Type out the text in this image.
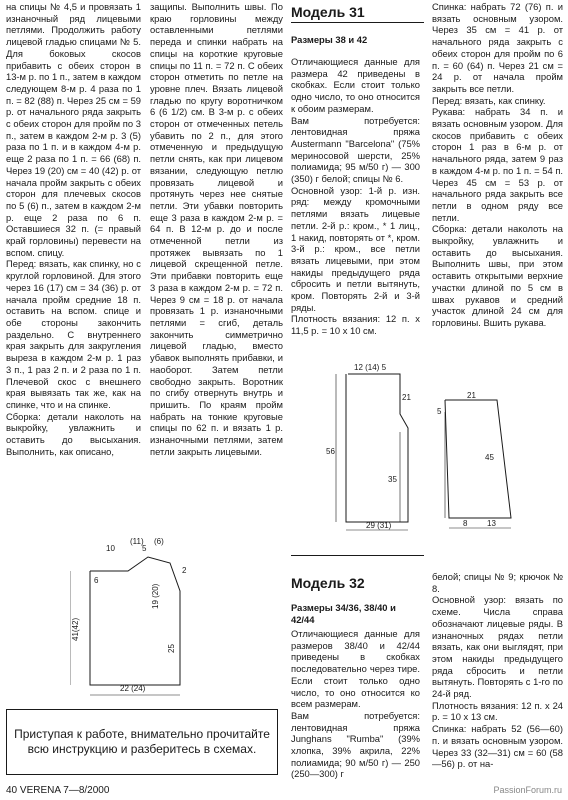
на спицы № 4,5 и провязать 1 изнаночный ряд лицевыми петлями. Продолжить работу лицевой гладью спицами № 5. Для боковых скосов прибавить с обеих сторон в 13-м р. по 1 п., затем в каждом следующем 8-м р. 4 раза по 1 п. = 82 (88) п. Через 25 см = 59 р. от начального ряда закрыть с обеих сторон для пройм по 3 п., затем в каждом 2-м р. 3 (5) раза по 1 п. и в каждом 4-м р. еще 2 раза по 1 п. = 66 (68) п. Через 19 (20) см = 40 (42) р. от начала пройм закрыть с обеих сторон для плечевых скосов по 5 (6) п., затем в каждом 2-м р. еще 2 раза по 6 п. Оставшиеся 32 п. (= правый край горловины) перевести на вспом. спицу.

Перед: вязать, как спинку, но с круглой горловиной. Для этого через 16 (17) см = 34 (36) р. от начала пройм средние 18 п. оставить на вспом. спице и обе стороны закончить раздельно. С внутреннего края закрыть для закругления выреза в каждом 2-м р. 1 раз 3 п., 1 раз 2 п. и 2 раза по 1 п. Плечевой скос с внешнего края вывязать так же, как на спинке, что и на спинке.

Сборка: детали наколоть на выкройку, увлажнить и оставить до высыхания. Выполнить, как описано,

защипы. Выполнить швы. По краю горловины между оставленными петлями переда и спинки набрать на спицы на короткие круговые спицы по 11 п. = 72 п. С обеих сторон отметить по петле на уровне плеч. Вязать лицевой гладью по кругу воротничком 6 (6 1/2) см. В 3-м р. с обеих сторон от отмеченных петель убавить по 2 п., для этого отмеченную и предыдущую петли снять, как при лицевом вязании, следующую петлю провязать лицевой и протянуть через нее снятые петли. Эти убавки повторить еще 3 раза в каждом 2-м р. = 64 п. В 12-м р. до и после отмеченной петли из протяжек вывязать по 1 лицевой скрещенной петле. Эти прибавки повторить еще 3 раза в каждом 2-м р. = 72 п. Через 9 см = 18 р. от начала провязать 1 р. изнаночными петлями = сгиб, деталь закончить симметрично лицевой гладью, вместо убавок выполнять прибавки, и наоборот. Затем петли свободно закрыть. Воротник по сгибу отвернуть внутрь и пришить. По краям пройм набрать на тонкие круговые спицы по 62 п. и вязать 1 р. изнаночными петлями, затем петли закрыть лицевыми.

Модель 31
Размеры 38 и 42

Отличающиеся данные для размера 42 приведены в скобках. Если стоит только одно число, то оно относится к обоим размерам.

Вам потребуется: лентовидная пряжа Austermann "Barcelona" (75% мериносовой шерсти, 25% полиамида; 95 м/50 г) — 300 (350) г белой; спицы № 6.

Основной узор: 1-й р. изн. ряд: между кромочными петлями вязать лицевые петли. 2-й р.: кром., * 1 лиц., 1 накид, повторять от *, кром. 3-й р.: кром., все петли вязать лицевыми, при этом накиды предыдущего ряда сбросить и петли вытянуть, кром. Повторять 2-й и 3-й ряды.

Плотность вязания: 12 п. х 11,5 р. = 10 х 10 см.

Спинка: набрать 72 (76) п. и вязать основным узором. Через 35 см = 41 р. от начального ряда закрыть с обеих сторон для пройм по 6 п. = 60 (64) п. Через 21 см = 24 р. от начала пройм закрыть все петли.

Перед: вязать, как спинку.

Рукава: набрать 34 п. и вязать основным узором. Для скосов прибавить с обеих сторон 1 раз в 6-м р. от начального ряда, затем 9 раз в каждом 4-м р. по 1 п. = 54 п. Через 45 см = 53 р. от начального ряда закрыть все петли в одном ряду все петли.

Сборка: детали наколоть на выкройку, увлажнить и оставить до высыхания. Выполнить швы, при этом оставить открытыми верхние участки длиной по 5 см в швах рукавов и средний участок длиной 24 см для горловины. Вшить рукава.

10
(11) (6)
5
6
41(42)
19 (20)
25
22 (24)
2
12 (14) 5
56
35
21
29 (31)
21
45
5
8 13
Модель 32
Размеры 34/36, 38/40 и 42/44

Отличающиеся данные для размеров 38/40 и 42/44 приведены в скобках последовательно через тире. Если стоит только одно число, то оно относится ко всем размерам.

Вам потребуется: лентовидная пряжа Junghans "Rumba" (39% хлопка, 39% акрила, 22% полиамида; 90 м/50 г) — 250 (250—300) г

белой; спицы № 9; крючок № 8.

Основной узор: вязать по схеме. Числа справа обозначают лицевые ряды. В изнаночных рядах петли вязать, как они выглядят, при этом накиды предыдущего ряда сбросить и петли вытянуть. Повторять с 1-го по 24-й ряд.

Плотность вязания: 12 п. х 24 р. = 10 х 13 см.

Спинка: набрать 52 (56—60) п. и вязать основным узором. Через 33 (32—31) см = 60 (58—56) р. от на-

Приступая к работе, внимательно прочитайте всю инструкцию и разберитесь в схемах.
40 VERENA 7—8/2000	PassionForum.ru
